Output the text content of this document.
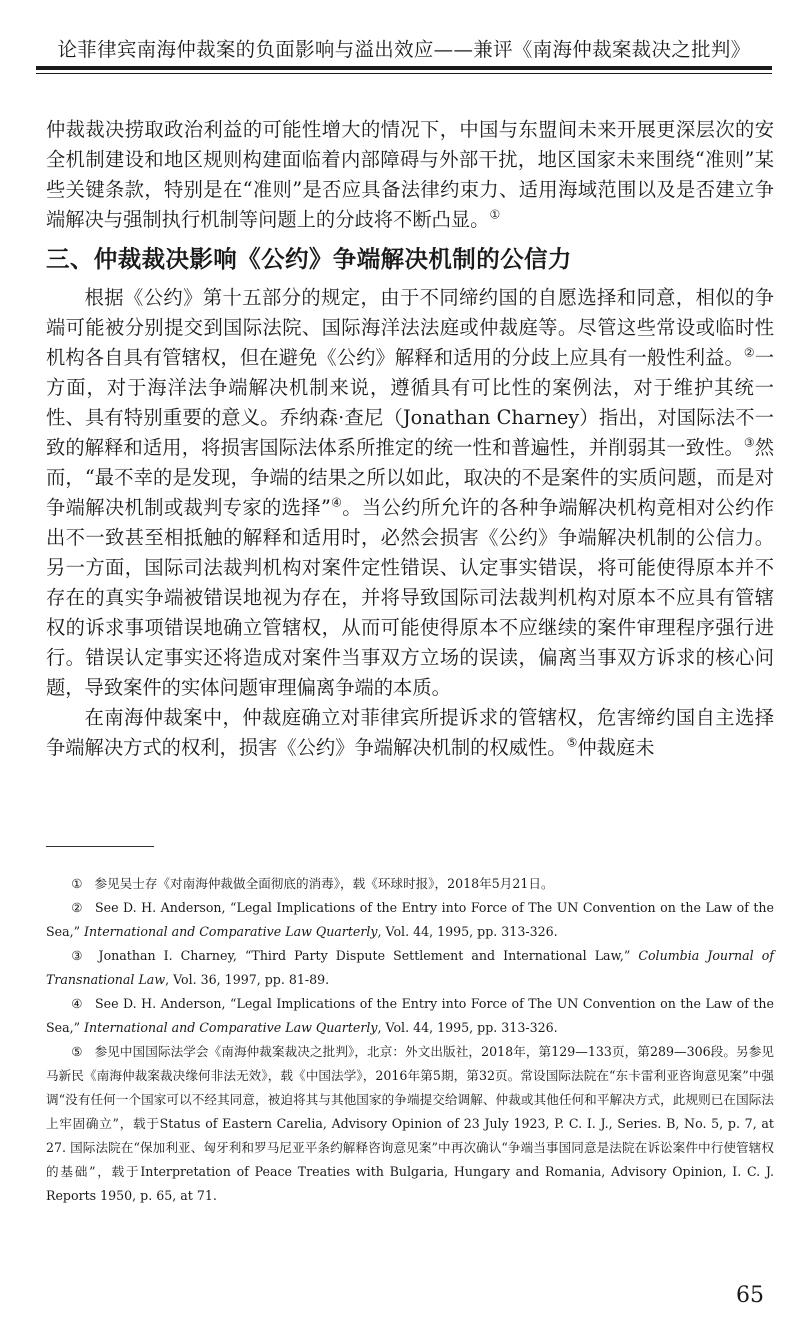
论菲律宾南海仲裁案的负面影响与溢出效应——兼评《南海仲裁案裁决之批判》

仲裁裁决捞取政治利益的可能性增大的情况下，中国与东盟间未来开展更深层次的安全机制建设和地区规则构建面临着内部障碍与外部干扰，地区国家未来围绕“准则”某些关键条款，特别是在“准则”是否应具备法律约束力、适用海域范围以及是否建立争端解决与强制执行机制等问题上的分歧将不断凸显。①

三、仲裁裁决影响《公约》争端解决机制的公信力

根据《公约》第十五部分的规定，由于不同缔约国的自愿选择和同意，相似的争端可能被分别提交到国际法院、国际海洋法法庭或仲裁庭等。尽管这些常设或临时性机构各自具有管辖权，但在避免《公约》解释和适用的分歧上应具有一般性利益。②一方面，对于海洋法争端解决机制来说，遵循具有可比性的案例法，对于维护其统一性、具有特别重要的意义。乔纳森·查尼（Jonathan Charney）指出，对国际法不一致的解释和适用，将损害国际法体系所推定的统一性和普遍性，并削弱其一致性。③然而，“最不幸的是发现，争端的结果之所以如此，取决的不是案件的实质问题，而是对争端解决机制或裁判专家的选择”④。当公约所允许的各种争端解决机构竟相对公约作出不一致甚至相抵触的解释和适用时，必然会损害《公约》争端解决机制的公信力。另一方面，国际司法裁判机构对案件定性错误、认定事实错误，将可能使得原本并不存在的真实争端被错误地视为存在，并将导致国际司法裁判机构对原本不应具有管辖权的诉求事项错误地确立管辖权，从而可能使得原本不应继续的案件审理程序强行进行。错误认定事实还将造成对案件当事双方立场的误读，偏离当事双方诉求的核心问题，导致案件的实体问题审理偏离争端的本质。

在南海仲裁案中，仲裁庭确立对菲律宾所提诉求的管辖权，危害缔约国自主选择争端解决方式的权利，损害《公约》争端解决机制的权威性。⑤仲裁庭未

① 参见吴士存《对南海仲裁做全面彻底的消毒》，载《环球时报》，2018年5月21日。

② See D. H. Anderson, “Legal Implications of the Entry into Force of The UN Convention on the Law of the Sea,” International and Comparative Law Quarterly, Vol. 44, 1995, pp. 313-326.

③ Jonathan I. Charney, “Third Party Dispute Settlement and International Law,” Columbia Journal of Transnational Law, Vol. 36, 1997, pp. 81-89.

④ See D. H. Anderson, “Legal Implications of the Entry into Force of The UN Convention on the Law of the Sea,” International and Comparative Law Quarterly, Vol. 44, 1995, pp. 313-326.

⑤ 参见中国国际法学会《南海仲裁案裁决之批判》，北京：外文出版社，2018年，第129—133页，第289—306段。另参见马新民《南海仲裁案裁决缘何非法无效》，载《中国法学》，2016年第5期，第32页。常设国际法院在“东卡雷利亚咨询意见案”中强调“没有任何一个国家可以不经其同意，被迫将其与其他国家的争端提交给调解、仲裁或其他任何和平解决方式，此规则已在国际法上牢固确立”，载于Status of Eastern Carelia, Advisory Opinion of 23 July 1923, P. C. I. J., Series. B, No. 5, p. 7, at 27. 国际法院在“保加利亚、匈牙利和罗马尼亚平条约解释咨询意见案”中再次确认“争端当事国同意是法院在诉讼案件中行使管辖权的基础”，载于Interpretation of Peace Treaties with Bulgaria, Hungary and Romania, Advisory Opinion, I. C. J. Reports 1950, p. 65, at 71.

65
